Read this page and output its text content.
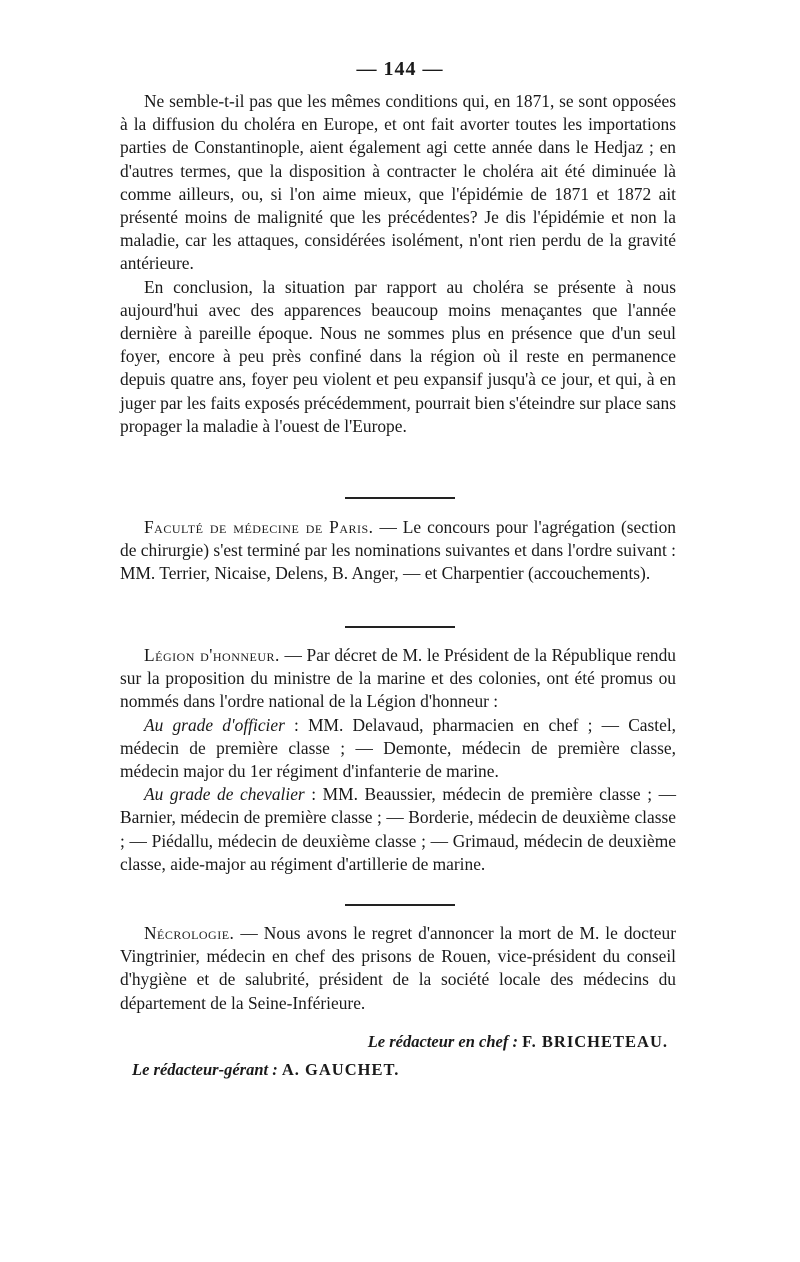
— 144 —

Ne semble-t-il pas que les mêmes conditions qui, en 1871, se sont opposées à la diffusion du choléra en Europe, et ont fait avorter toutes les importations parties de Constantinople, aient également agi cette année dans le Hedjaz ; en d'autres termes, que la disposition à contracter le choléra ait été diminuée là comme ailleurs, ou, si l'on aime mieux, que l'épidémie de 1871 et 1872 ait présenté moins de malignité que les précédentes? Je dis l'épidémie et non la maladie, car les attaques, considérées isolément, n'ont rien perdu de la gravité antérieure.

En conclusion, la situation par rapport au choléra se présente à nous aujourd'hui avec des apparences beaucoup moins menaçantes que l'année dernière à pareille époque. Nous ne sommes plus en présence que d'un seul foyer, encore à peu près confiné dans la région où il reste en permanence depuis quatre ans, foyer peu violent et peu expansif jusqu'à ce jour, et qui, à en juger par les faits exposés précédemment, pourrait bien s'éteindre sur place sans propager la maladie à l'ouest de l'Europe.

Faculté de médecine de Paris. — Le concours pour l'agrégation (section de chirurgie) s'est terminé par les nominations suivantes et dans l'ordre suivant : MM. Terrier, Nicaise, Delens, B. Anger, — et Charpentier (accouchements).

Légion d'honneur. — Par décret de M. le Président de la République rendu sur la proposition du ministre de la marine et des colonies, ont été promus ou nommés dans l'ordre national de la Légion d'honneur :

Au grade d'officier : MM. Delavaud, pharmacien en chef ; — Castel, médecin de première classe ; — Demonte, médecin de première classe, médecin major du 1er régiment d'infanterie de marine.

Au grade de chevalier : MM. Beaussier, médecin de première classe ; — Barnier, médecin de première classe ; — Borderie, médecin de deuxième classe ; — Piédallu, médecin de deuxième classe ; — Grimaud, médecin de deuxième classe, aide-major au régiment d'artillerie de marine.

Nécrologie. — Nous avons le regret d'annoncer la mort de M. le docteur Vingtrinier, médecin en chef des prisons de Rouen, vice-président du conseil d'hygiène et de salubrité, président de la société locale des médecins du département de la Seine-Inférieure.

Le rédacteur en chef : F. BRICHETEAU.
Le rédacteur-gérant : A. GAUCHET.
